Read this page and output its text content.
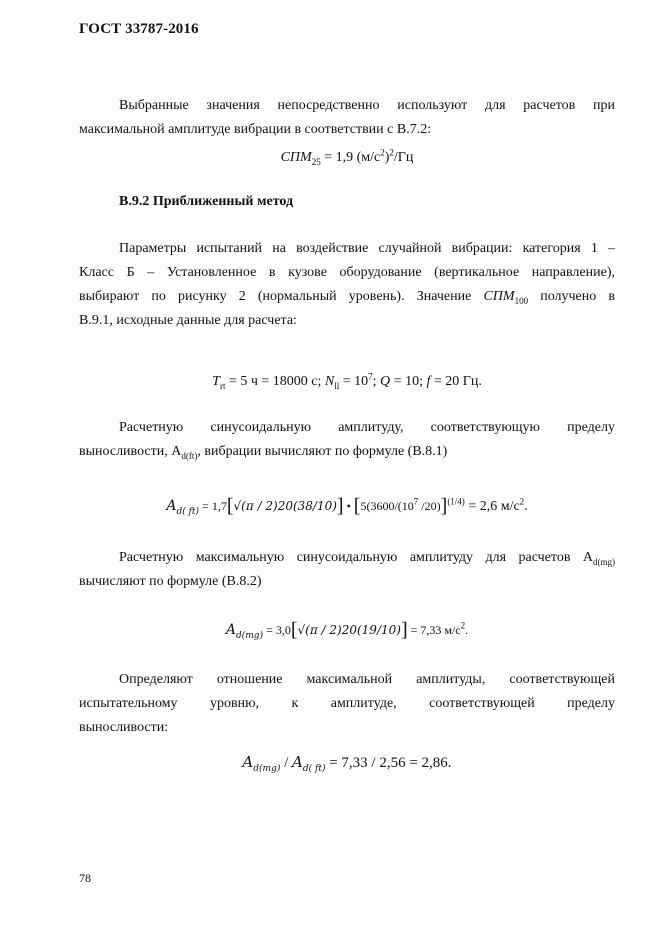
ГОСТ 33787-2016
Выбранные значения непосредственно используют для расчетов при
максимальной амплитуде вибрации в соответствии с В.7.2:
$СПМ_{25} = 1,9$ $(м/с^2)^2/Гц$
В.9.2 Приближенный метод
Параметры испытаний на воздействие случайной вибрации: категория 1 –
Класс Б – Установленное в кузове оборудование (вертикальное направление),
выбирают по рисунку 2 (нормальный уровень). Значение $СПМ_{100}$ получено в
В.9.1, исходные данные для расчета:
$T_{rt} = 5$ ч = 18000 с; $N_{ll} = 10^7$; Q = 10; f = 20 Гц.
Расчетную синусоидальную амплитуду, соответствующую пределу
выносливости, $A_{d(ft)}$, вибрации вычисляют по формуле (В.8.1)
$A_{d( ft)} = 1,7[√(\pi / 2)20(38/10)]$ • [$5(3600/(10^7$ /20)]$^{(1/4)}$ = 2,6 $м/с^2$.
Расчетную максимальную синусоидальную амплитуду для расчетов $A_{d(mg)}$
вычисляют по формуле (В.8.2)
$A_{d(mg)} = 3,0[√(\pi / 2)20(19/10)] = 7,33$ $м/с^2$.
Определяют отношение максимальной амплитуды, соответствующей
испытательному уровню, к амплитуде, соответствующей пределу
выносливости:
$A_{d(mg)} / A_{d( ft)} = 7,33 / 2,56 = 2,86$.
78
